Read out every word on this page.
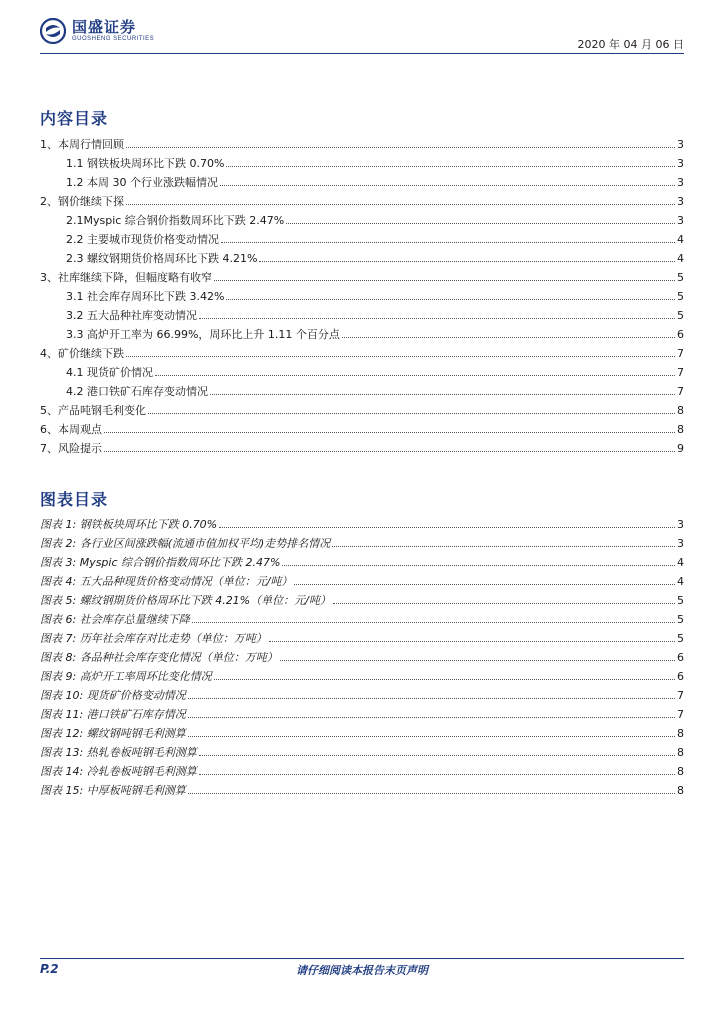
国盛证券
GUOSHENG SECURITIES	2020 年 04 月 06 日
内容目录
1、本周行情回顾	3
1.1 钢铁板块周环比下跌 0.70%	3
1.2 本周 30 个行业涨跌幅情况	3
2、钢价继续下探	3
2.1Myspic 综合钢价指数周环比下跌 2.47%	3
2.2 主要城市现货价格变动情况	4
2.3 螺纹钢期货价格周环比下跌 4.21%	4
3、社库继续下降，但幅度略有收窄	5
3.1 社会库存周环比下跌 3.42%	5
3.2 五大品种社库变动情况	5
3.3 高炉开工率为 66.99%，周环比上升 1.11 个百分点	6
4、矿价继续下跌	7
4.1 现货矿价情况	7
4.2 港口铁矿石库存变动情况	7
5、产品吨钢毛利变化	8
6、本周观点	8
7、风险提示	9
图表目录
图表 1: 钢铁板块周环比下跌 0.70%	3
图表 2: 各行业区间涨跌幅(流通市值加权平均)走势排名情况	3
图表 3: Myspic 综合钢价指数周环比下跌 2.47%	4
图表 4: 五大品种现货价格变动情况（单位：元/吨）	4
图表 5: 螺纹钢期货价格周环比下跌 4.21%（单位：元/吨）	5
图表 6: 社会库存总量继续下降	5
图表 7: 历年社会库存对比走势（单位：万吨）	5
图表 8: 各品种社会库存变化情况（单位：万吨）	6
图表 9: 高炉开工率周环比变化情况	6
图表 10: 现货矿价格变动情况	7
图表 11: 港口铁矿石库存情况	7
图表 12: 螺纹钢吨钢毛利测算	8
图表 13: 热轧卷板吨钢毛利测算	8
图表 14: 冷轧卷板吨钢毛利测算	8
图表 15: 中厚板吨钢毛利测算	8
P.2	请仔细阅读本报告末页声明
